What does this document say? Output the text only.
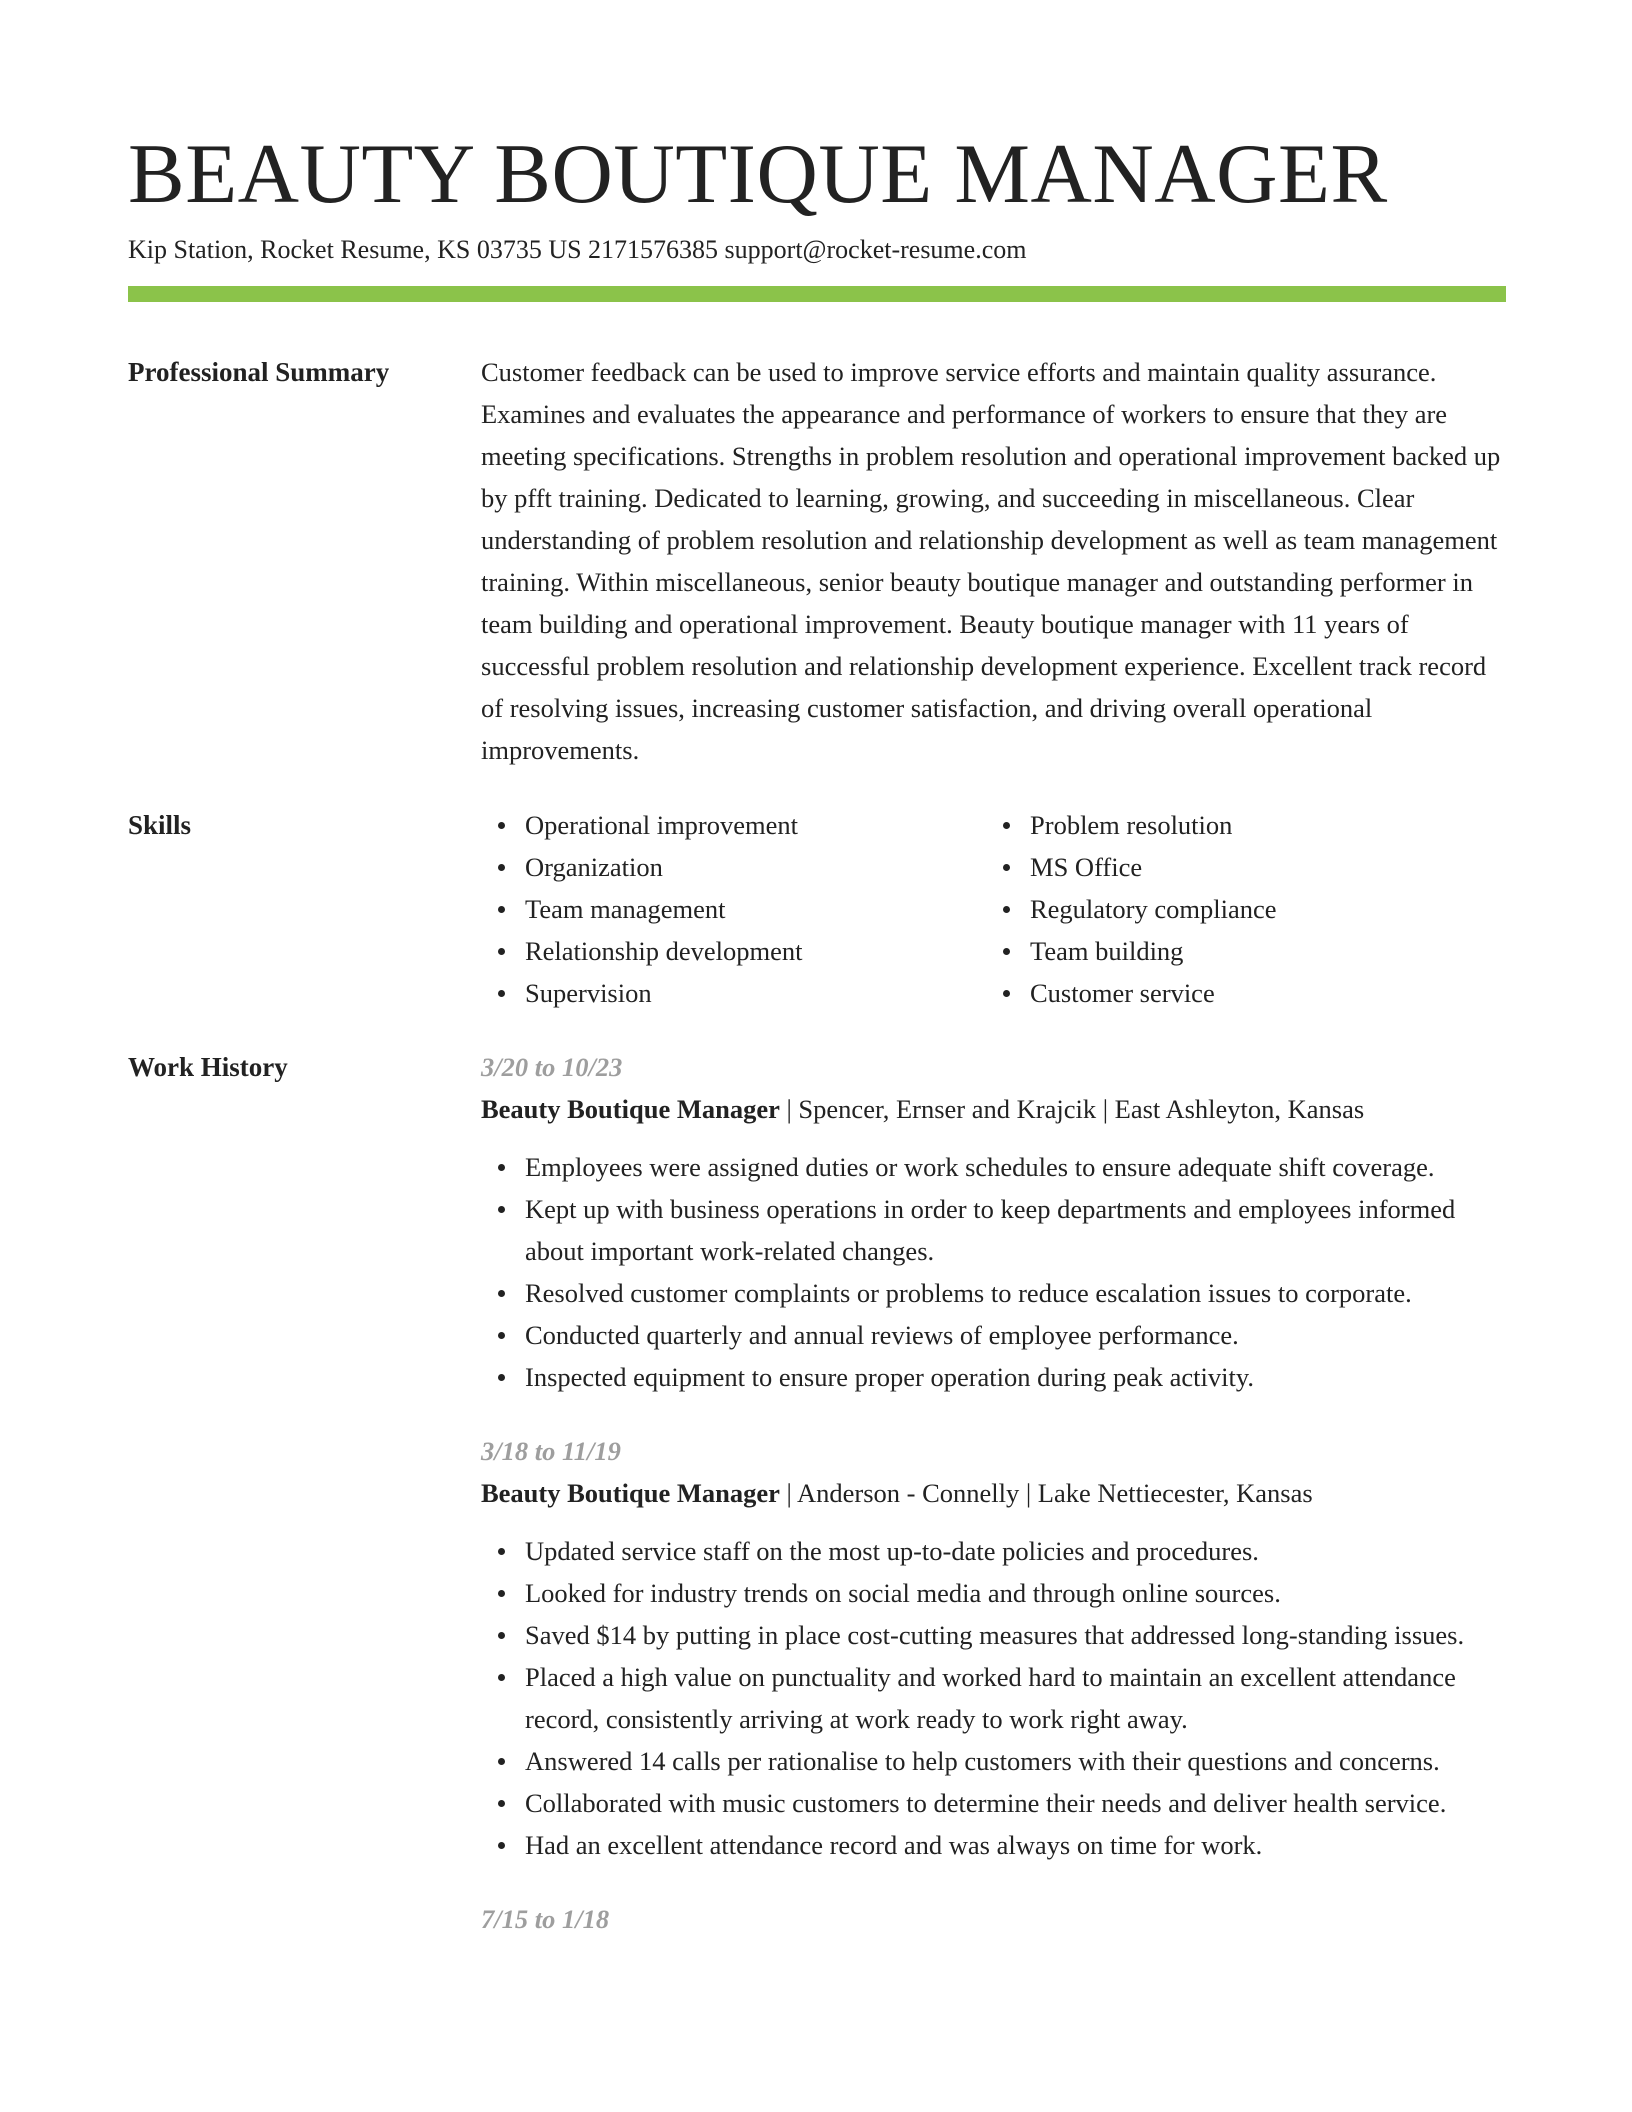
BEAUTY BOUTIQUE MANAGER
Kip Station, Rocket Resume, KS 03735 US 2171576385 support@rocket-resume.com
Professional Summary	Customer feedback can be used to improve service efforts and maintain quality assurance. Examines and evaluates the appearance and performance of workers to ensure that they are meeting specifications. Strengths in problem resolution and operational improvement backed up by pfft training. Dedicated to learning, growing, and succeeding in miscellaneous. Clear understanding of problem resolution and relationship development as well as team management training. Within miscellaneous, senior beauty boutique manager and outstanding performer in team building and operational improvement. Beauty boutique manager with 11 years of successful problem resolution and relationship development experience. Excellent track record of resolving issues, increasing customer satisfaction, and driving overall operational improvements.

Skills	Operational improvement
Organization
Team management
Relationship development
Supervision
Problem resolution
MS Office
Regulatory compliance
Team building
Customer service
Work History	3/20 to 10/23
Beauty Boutique Manager | Spencer, Ernser and Krajcik | East Ashleyton, Kansas
Employees were assigned duties or work schedules to ensure adequate shift coverage.
Kept up with business operations in order to keep departments and employees informed about important work-related changes.
Resolved customer complaints or problems to reduce escalation issues to corporate.
Conducted quarterly and annual reviews of employee performance.
Inspected equipment to ensure proper operation during peak activity.
3/18 to 11/19
Beauty Boutique Manager | Anderson - Connelly | Lake Nettiecester, Kansas
Updated service staff on the most up-to-date policies and procedures.
Looked for industry trends on social media and through online sources.
Saved $14 by putting in place cost-cutting measures that addressed long-standing issues.
Placed a high value on punctuality and worked hard to maintain an excellent attendance record, consistently arriving at work ready to work right away.
Answered 14 calls per rationalise to help customers with their questions and concerns.
Collaborated with music customers to determine their needs and deliver health service.
Had an excellent attendance record and was always on time for work.
7/15 to 1/18
